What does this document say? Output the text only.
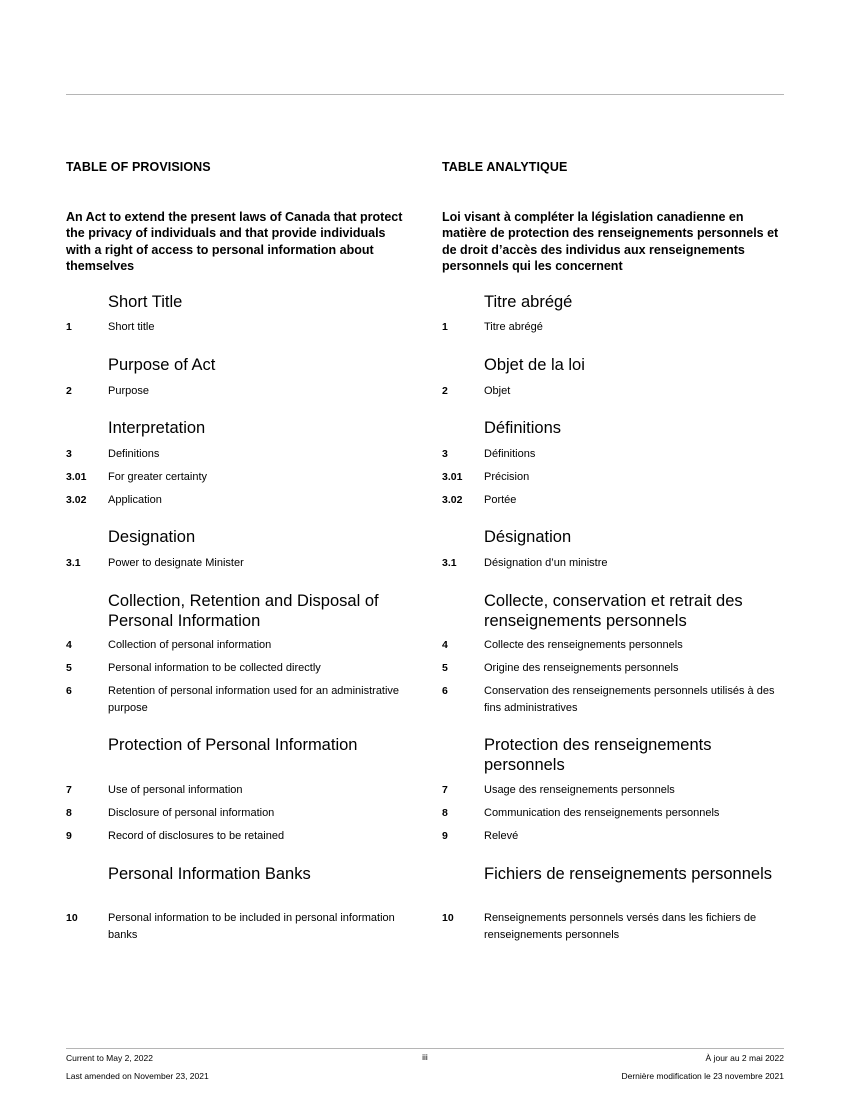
TABLE OF PROVISIONS
An Act to extend the present laws of Canada that protect the privacy of individuals and that provide individuals with a right of access to personal information about themselves
Short Title
1	Short title
Purpose of Act
2	Purpose
Interpretation
3	Definitions
3.01 For greater certainty
3.02 Application
Designation
3.1 Power to designate Minister
Collection, Retention and Disposal of Personal Information
4	Collection of personal information
5	Personal information to be collected directly
6	Retention of personal information used for an administrative purpose
Protection of Personal Information
7	Use of personal information
8	Disclosure of personal information
9	Record of disclosures to be retained
Personal Information Banks
10	Personal information to be included in personal information banks
TABLE ANALYTIQUE
Loi visant à compléter la législation canadienne en matière de protection des renseignements personnels et de droit d’accès des individus aux renseignements personnels qui les concernent
Titre abrégé
1	Titre abrégé
Objet de la loi
2	Objet
Définitions
3	Définitions
3.01 Précision
3.02 Portée
Désignation
3.1 Désignation d’un ministre
Collecte, conservation et retrait des renseignements personnels
4	Collecte des renseignements personnels
5	Origine des renseignements personnels
6	Conservation des renseignements personnels utilisés à des fins administratives
Protection des renseignements personnels
7	Usage des renseignements personnels
8	Communication des renseignements personnels
9	Relevé
Fichiers de renseignements personnels
10	Renseignements personnels versés dans les fichiers de renseignements personnels
Current to May 2, 2022
Last amended on November 23, 2021
iii	À jour au 2 mai 2022
Dernière modification le 23 novembre 2021
